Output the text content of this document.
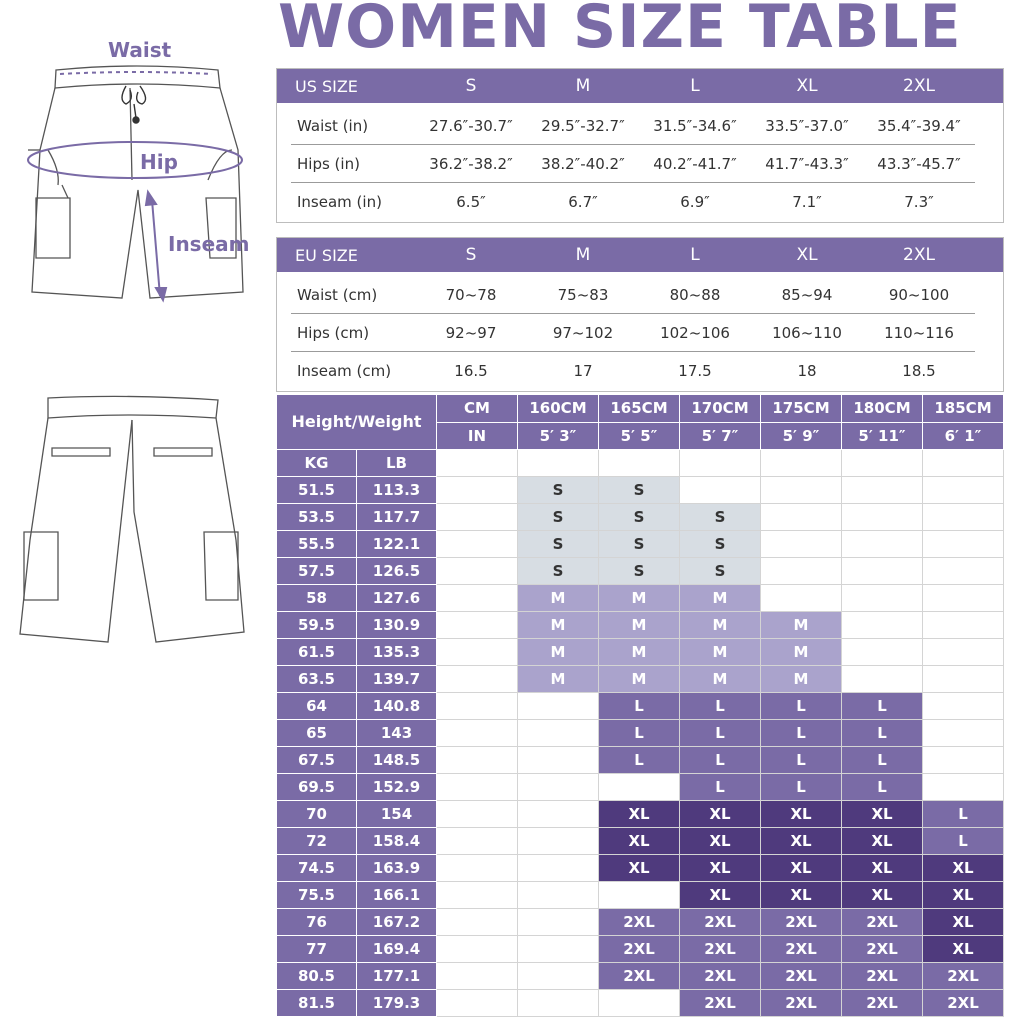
WOMEN SIZE TABLE
Waist
Hip
Inseam
US SIZE	S	M	L	XL	2XL
Waist (in)	27.6″-30.7″	29.5″-32.7″	31.5″-34.6″	33.5″-37.0″	35.4″-39.4″
Hips (in)	36.2″-38.2″	38.2″-40.2″	40.2″-41.7″	41.7″-43.3″	43.3″-45.7″
Inseam (in)	6.5″	6.7″	6.9″	7.1″	7.3″
EU SIZE	S	M	L	XL	2XL
Waist (cm)	70~78	75~83	80~88	85~94	90~100
Hips (cm)	92~97	97~102	102~106	106~110	110~116
Inseam (cm)	16.5	17	17.5	18	18.5
Height/Weight		CM	160CM	165CM	170CM	175CM	180CM	185CM
		IN	5′ 3″	5′ 5″	5′ 7″	5′ 9″	5′ 11″	6′ 1″
KG	LB							
51.5	113.3		S	S				
53.5	117.7		S	S	S			
55.5	122.1		S	S	S			
57.5	126.5		S	S	S			
58	127.6		M	M	M			
59.5	130.9		M	M	M	M		
61.5	135.3		M	M	M	M		
63.5	139.7		M	M	M	M		
64	140.8			L	L	L	L	
65	143			L	L	L	L	
67.5	148.5			L	L	L	L	
69.5	152.9				L	L	L	
70	154			XL	XL	XL	XL	L
72	158.4			XL	XL	XL	XL	L
74.5	163.9			XL	XL	XL	XL	XL
75.5	166.1				XL	XL	XL	XL
76	167.2			2XL	2XL	2XL	2XL	XL
77	169.4			2XL	2XL	2XL	2XL	XL
80.5	177.1			2XL	2XL	2XL	2XL	2XL
81.5	179.3				2XL	2XL	2XL	2XL
